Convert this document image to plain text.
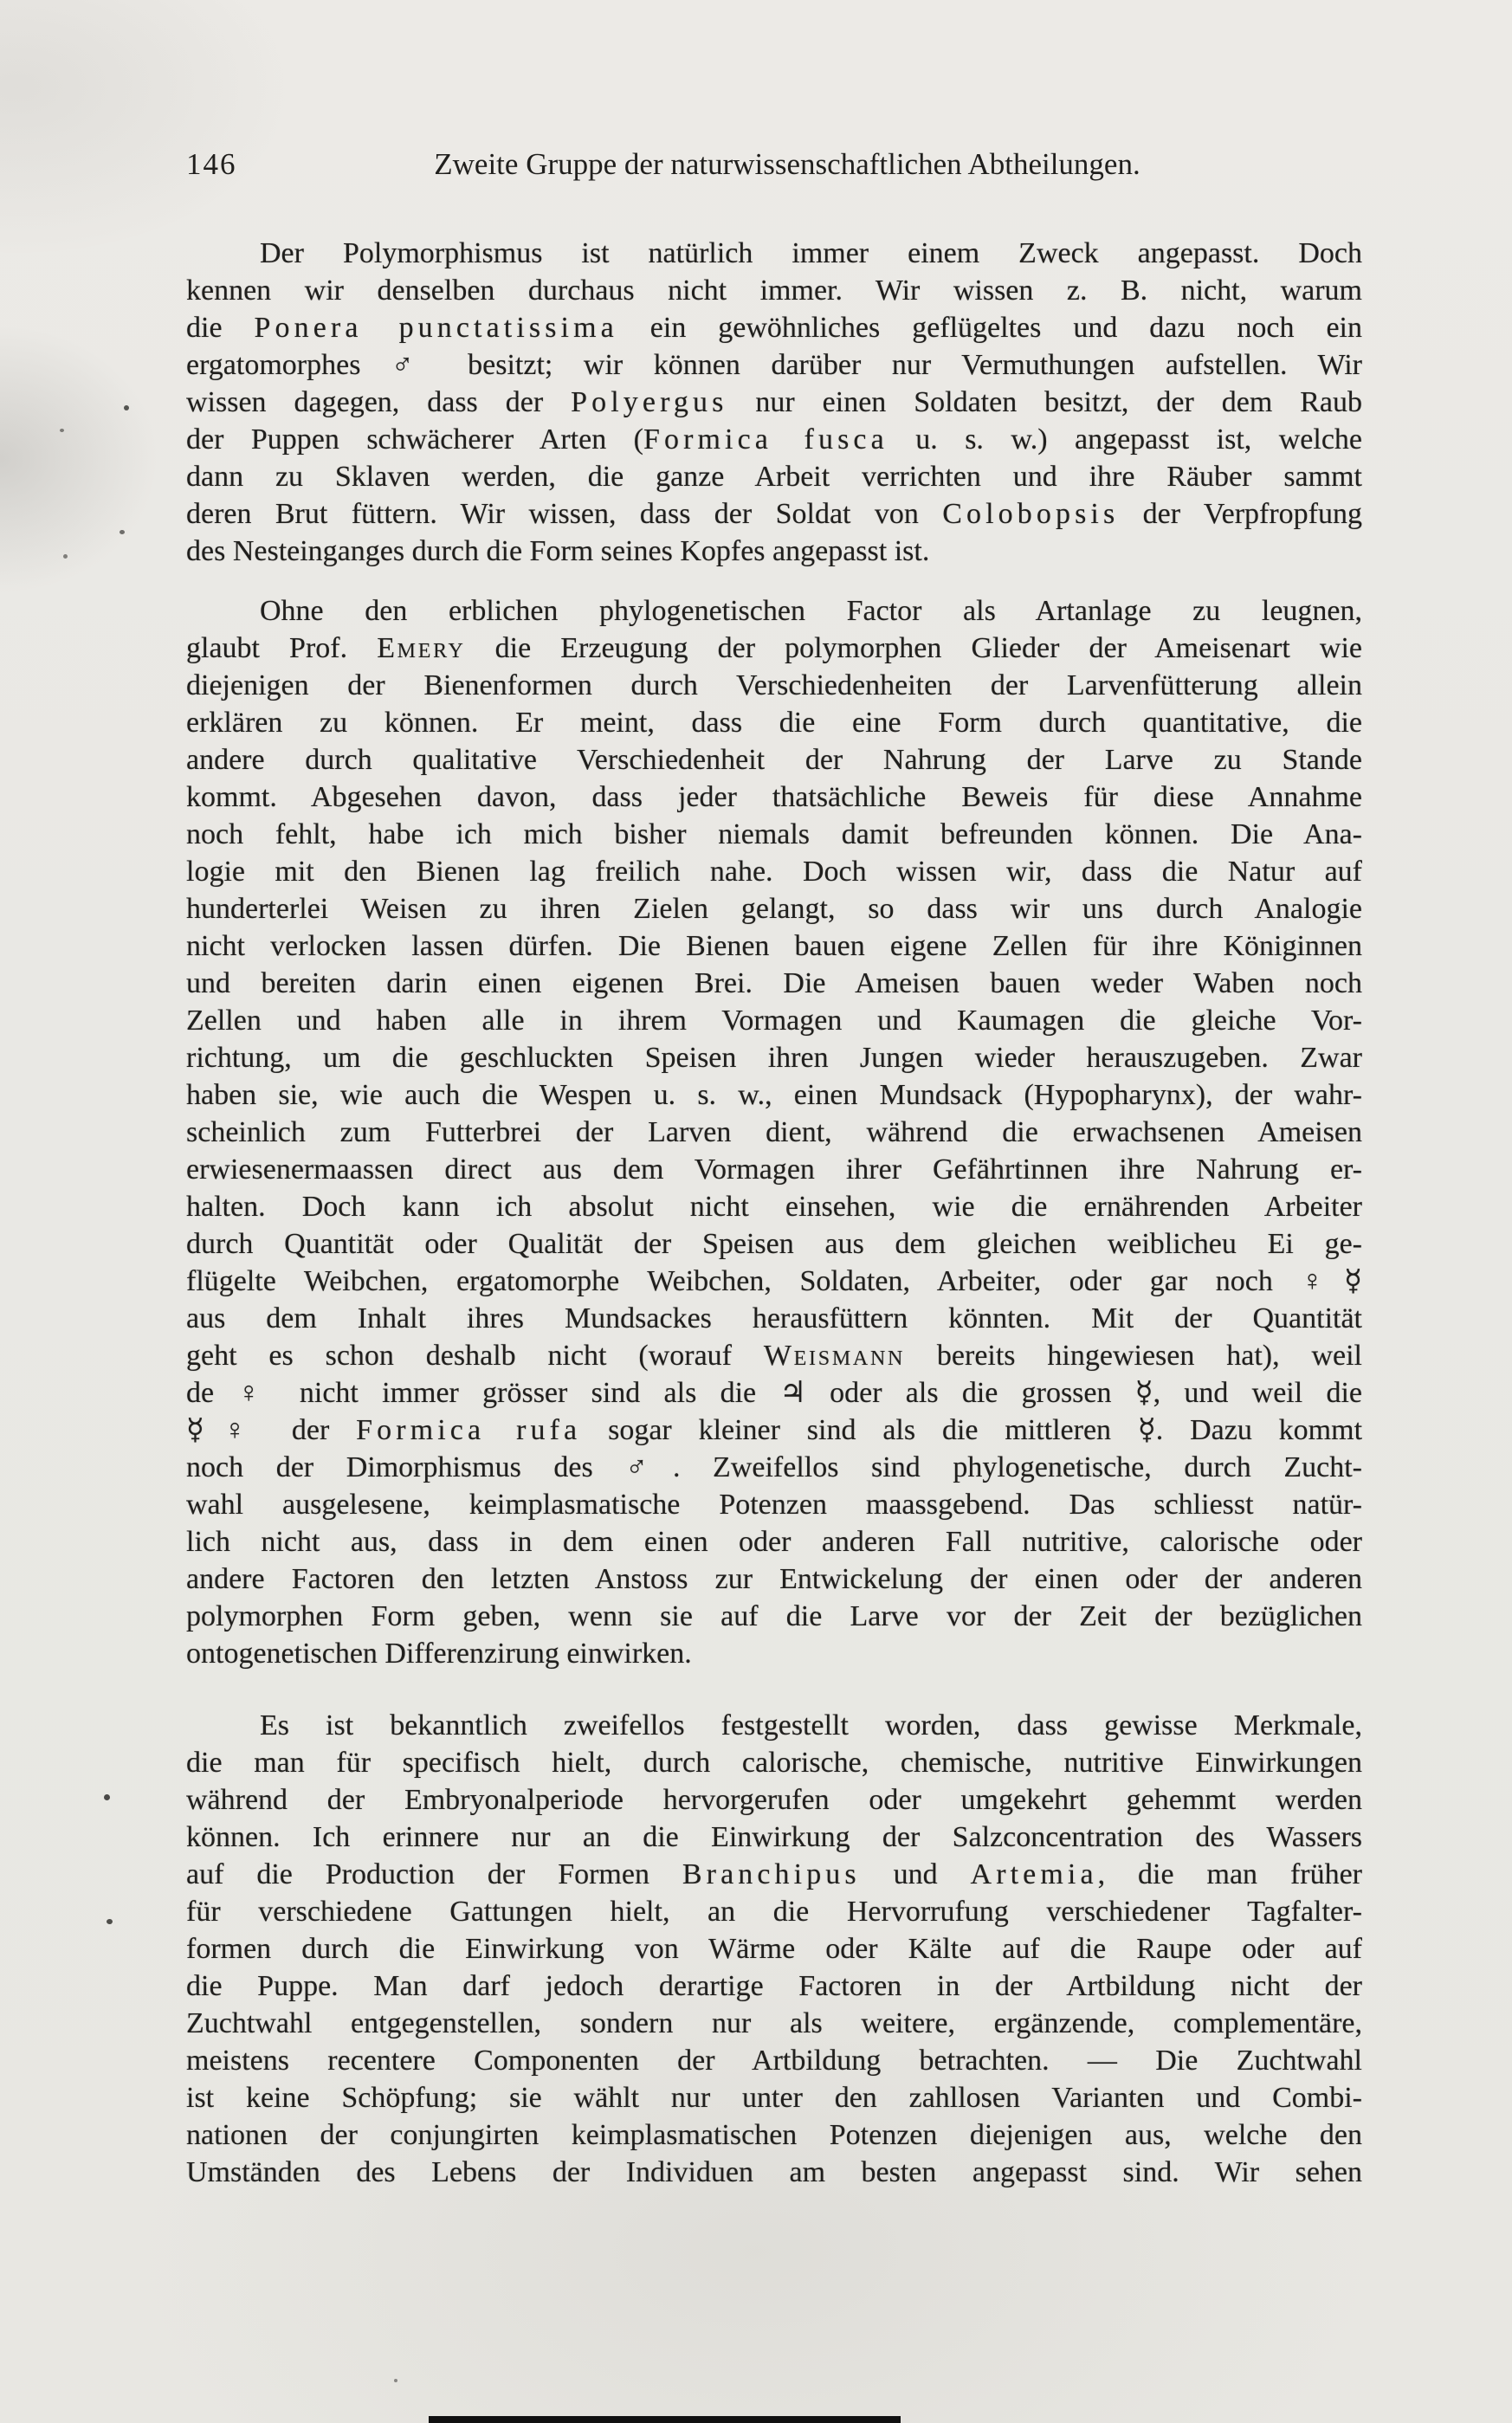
146	Zweite Gruppe der naturwissenschaftlichen Abtheilungen.
Der Polymorphismus ist natürlich immer einem Zweck angepasst. Doch
kennen wir denselben durchaus nicht immer. Wir wissen z. B. nicht, warum
die Ponera punctatissima ein gewöhnliches geflügeltes und dazu noch ein
ergatomorphes ♂ besitzt; wir können darüber nur Vermuthungen aufstellen. Wir
wissen dagegen, dass der Polyergus nur einen Soldaten besitzt, der dem Raub
der Puppen schwächerer Arten (Formica fusca u. s. w.) angepasst ist, welche
dann zu Sklaven werden, die ganze Arbeit verrichten und ihre Räuber sammt
deren Brut füttern. Wir wissen, dass der Soldat von Colobopsis der Verpfropfung
des Nesteinganges durch die Form seines Kopfes angepasst ist.
Ohne den erblichen phylogenetischen Factor als Artanlage zu leugnen,
glaubt Prof. Emery die Erzeugung der polymorphen Glieder der Ameisenart wie
diejenigen der Bienenformen durch Verschiedenheiten der Larvenfütterung allein
erklären zu können. Er meint, dass die eine Form durch quantitative, die
andere durch qualitative Verschiedenheit der Nahrung der Larve zu Stande
kommt. Abgesehen davon, dass jeder thatsächliche Beweis für diese Annahme
noch fehlt, habe ich mich bisher niemals damit befreunden können. Die Ana-
logie mit den Bienen lag freilich nahe. Doch wissen wir, dass die Natur auf
hunderterlei Weisen zu ihren Zielen gelangt, so dass wir uns durch Analogie
nicht verlocken lassen dürfen. Die Bienen bauen eigene Zellen für ihre Königinnen
und bereiten darin einen eigenen Brei. Die Ameisen bauen weder Waben noch
Zellen und haben alle in ihrem Vormagen und Kaumagen die gleiche Vor-
richtung, um die geschluckten Speisen ihren Jungen wieder herauszugeben. Zwar
haben sie, wie auch die Wespen u. s. w., einen Mundsack (Hypopharynx), der wahr-
scheinlich zum Futterbrei der Larven dient, während die erwachsenen Ameisen
erwiesenermaassen direct aus dem Vormagen ihrer Gefährtinnen ihre Nahrung er-
halten. Doch kann ich absolut nicht einsehen, wie die ernährenden Arbeiter
durch Quantität oder Qualität der Speisen aus dem gleichen weiblicheu Ei ge-
flügelte Weibchen, ergatomorphe Weibchen, Soldaten, Arbeiter, oder gar noch ♀☿
aus dem Inhalt ihres Mundsackes herausfüttern könnten. Mit der Quantität
geht es schon deshalb nicht (worauf Weismann bereits hingewiesen hat), weil
de ♀ nicht immer grösser sind als die ♃ oder als die grossen ☿, und weil die
☿♀ der Formica rufa sogar kleiner sind als die mittleren ☿. Dazu kommt
noch der Dimorphismus des ♂. Zweifellos sind phylogenetische, durch Zucht-
wahl ausgelesene, keimplasmatische Potenzen maassgebend. Das schliesst natür-
lich nicht aus, dass in dem einen oder anderen Fall nutritive, calorische oder
andere Factoren den letzten Anstoss zur Entwickelung der einen oder der anderen
polymorphen Form geben, wenn sie auf die Larve vor der Zeit der bezüglichen
ontogenetischen Differenzirung einwirken.
Es ist bekanntlich zweifellos festgestellt worden, dass gewisse Merkmale,
die man für specifisch hielt, durch calorische, chemische, nutritive Einwirkungen
während der Embryonalperiode hervorgerufen oder umgekehrt gehemmt werden
können. Ich erinnere nur an die Einwirkung der Salzconcentration des Wassers
auf die Production der Formen Branchipus und Artemia, die man früher
für verschiedene Gattungen hielt, an die Hervorrufung verschiedener Tagfalter-
formen durch die Einwirkung von Wärme oder Kälte auf die Raupe oder auf
die Puppe. Man darf jedoch derartige Factoren in der Artbildung nicht der
Zuchtwahl entgegenstellen, sondern nur als weitere, ergänzende, complementäre,
meistens recentere Componenten der Artbildung betrachten. — Die Zuchtwahl
ist keine Schöpfung; sie wählt nur unter den zahllosen Varianten und Combi-
nationen der conjungirten keimplasmatischen Potenzen diejenigen aus, welche den
Umständen des Lebens der Individuen am besten angepasst sind. Wir sehen
